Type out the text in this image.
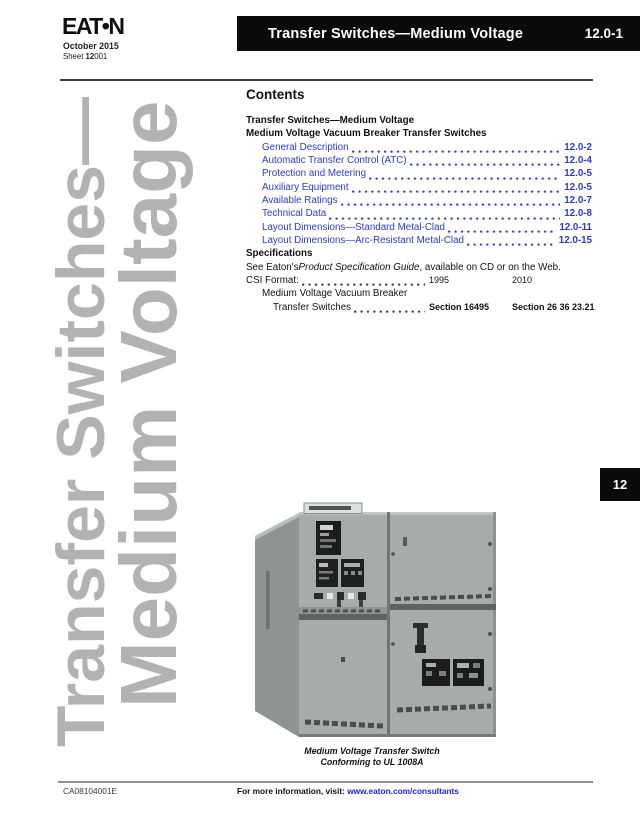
EAT•N
October 2015
Sheet 12001
Transfer Switches—Medium Voltage	12.0-1
Transfer Switches—
Medium Voltage
Contents
Transfer Switches—Medium Voltage
Medium Voltage Vacuum Breaker Transfer Switches
General Description	12.0-2
Automatic Transfer Control (ATC)	12.0-4
Protection and Metering	12.0-5
Auxiliary Equipment	12.0-5
Available Ratings	12.0-7
Technical Data	12.0-8
Layout Dimensions—Standard Metal-Clad	12.0-11
Layout Dimensions—Arc-Resistant Metal-Clad	12.0-15
Specifications
See Eaton's Product Specification Guide , available on CD or on the Web.
CSI Format:	1995	2010
Medium Voltage Vacuum Breaker
Transfer Switches	Section 16495	Section 26 36 23.21
12
Medium Voltage Transfer Switch
Conforming to UL 1008A
CA08104001E	For more information, visit: www.eaton.com/consultants
